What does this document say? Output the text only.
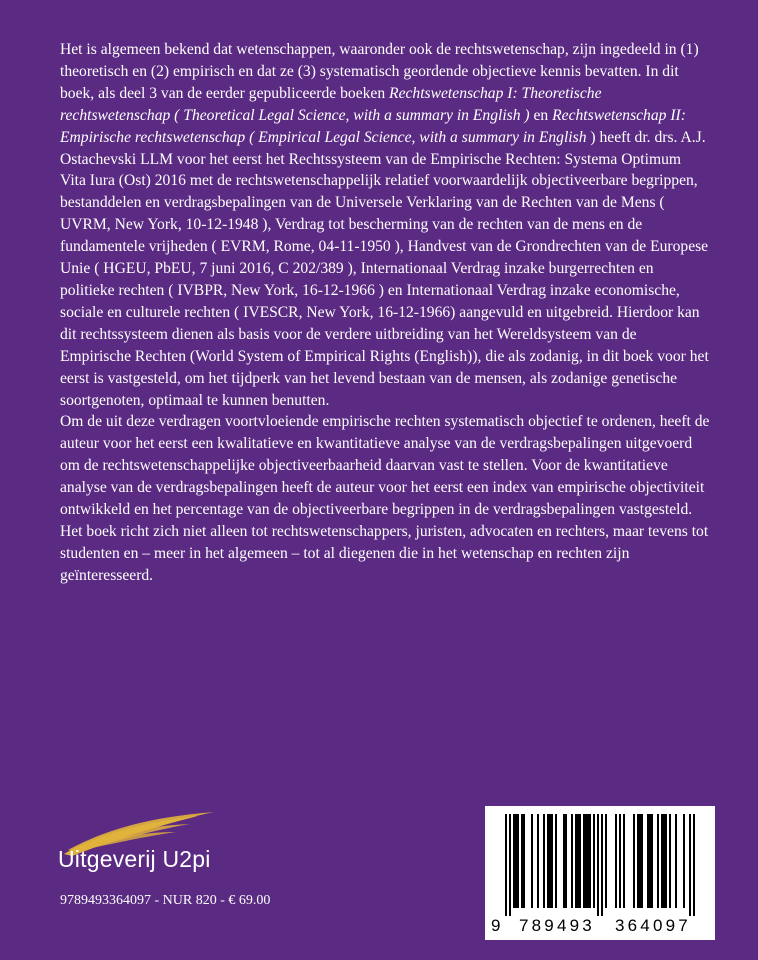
Het is algemeen bekend dat wetenschappen, waaronder ook de rechtswetenschap, zijn ingedeeld in (1) theoretisch en (2) empirisch en dat ze (3) systematisch geordende objectieve kennis bevatten. In dit boek, als deel 3 van de eerder gepubliceerde boeken Rechtswetenschap I: Theoretische rechtswetenschap ( Theoretical Legal Science, with a summary in English ) en Rechtswetenschap II: Empirische rechtswetenschap ( Empirical Legal Science, with a summary in English ) heeft dr. drs. A.J. Ostachevski LLM voor het eerst het Rechtssysteem van de Empirische Rechten: Systema Optimum Vita Iura (Ost) 2016 met de rechtswetenschappelijk relatief voorwaardelijk objectiveerbare begrippen, bestanddelen en verdragsbepalingen van de Universele Verklaring van de Rechten van de Mens ( UVRM, New York, 10-12-1948 ), Verdrag tot bescherming van de rechten van de mens en de fundamentele vrijheden ( EVRM, Rome, 04-11-1950 ), Handvest van de Grondrechten van de Europese Unie ( HGEU, PbEU, 7 juni 2016, C 202/389 ), Internationaal Verdrag inzake burgerrechten en politieke rechten ( IVBPR, New York, 16-12-1966 ) en Internationaal Verdrag inzake economische, sociale en culturele rechten ( IVESCR, New York, 16-12-1966) aangevuld en uitgebreid. Hierdoor kan dit rechtssysteem dienen als basis voor de verdere uitbreiding van het Wereldsysteem van de Empirische Rechten (World System of Empirical Rights (English)), die als zodanig, in dit boek voor het eerst is vastgesteld, om het tijdperk van het levend bestaan van de mensen, als zodanige genetische soortgenoten, optimaal te kunnen benutten.

Om de uit deze verdragen voortvloeiende empirische rechten systematisch objectief te ordenen, heeft de auteur voor het eerst een kwalitatieve en kwantitatieve analyse van de verdragsbepalingen uitgevoerd om de rechtswetenschappelijke objectiveerbaarheid daarvan vast te stellen. Voor de kwantitatieve analyse van de verdragsbepalingen heeft de auteur voor het eerst een index van empirische objectiviteit ontwikkeld en het percentage van de objectiveerbare begrippen in de verdragsbepalingen vastgesteld.

Het boek richt zich niet alleen tot rechtswetenschappers, juristen, advocaten en rechters, maar tevens tot studenten en – meer in het algemeen – tot al diegenen die in het wetenschap en rechten zijn geïnteresseerd.

Uitgeverij U2pi
9789493364097 - NUR 820 - € 69.00
9 789493 364097
